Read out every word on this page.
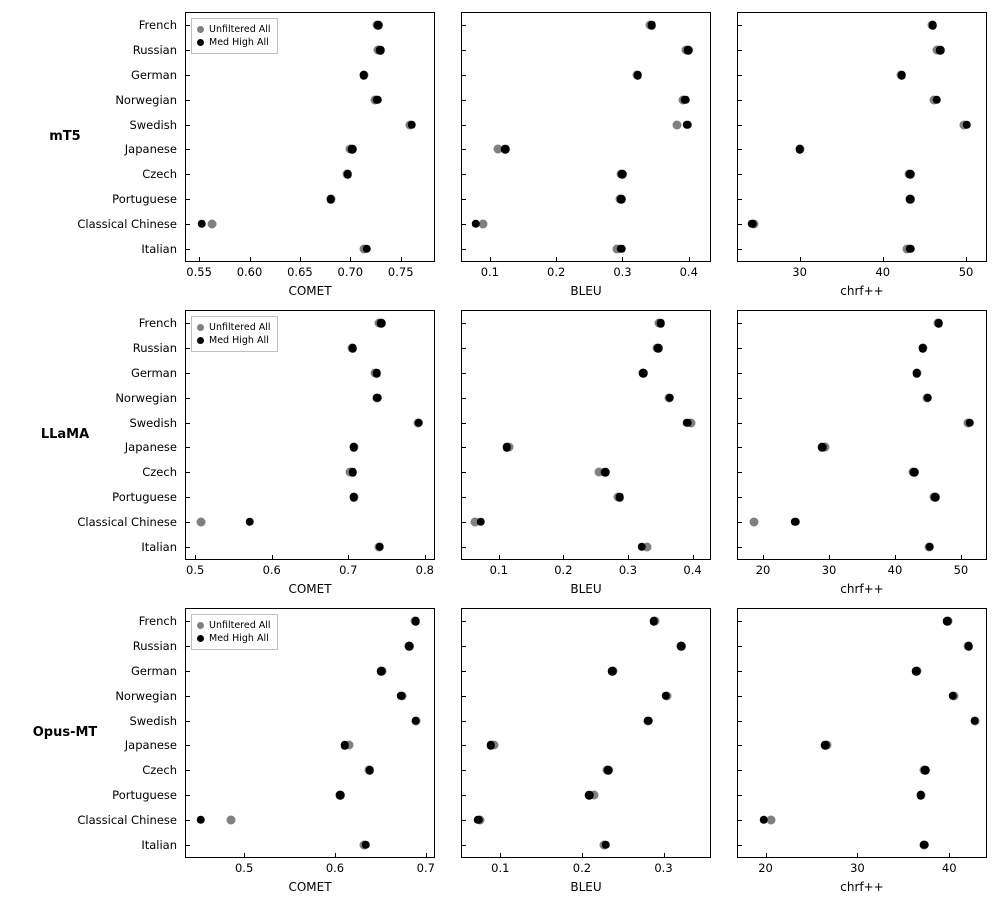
French
Russian
German
Norwegian
Swedish
Japanese
Czech
Portuguese
Classical Chinese
Italian
0.55 0.60 0.65 0.70 0.75
COMET
Unfiltered All
Med High All
0.1	0.2	0.3	0.4
BLEU
30	40	50
chrf++
French
Russian
German
Norwegian
Swedish
Japanese
Czech
Portuguese
Classical Chinese
Italian
0.5	0.6	0.7	0.8
COMET
Unfiltered All
Med High All
0.1	0.2	0.3	0.4
BLEU
20	30	40	50
chrf++
French
Russian
German
Norwegian
Swedish
Japanese
Czech
Portuguese
Classical Chinese
Italian
0.5	0.6	0.7
COMET
Unfiltered All
Med High All
0.1	0.2	0.3
BLEU
20	30	40
chrf++
mT5
LLaMA
Opus-MT
